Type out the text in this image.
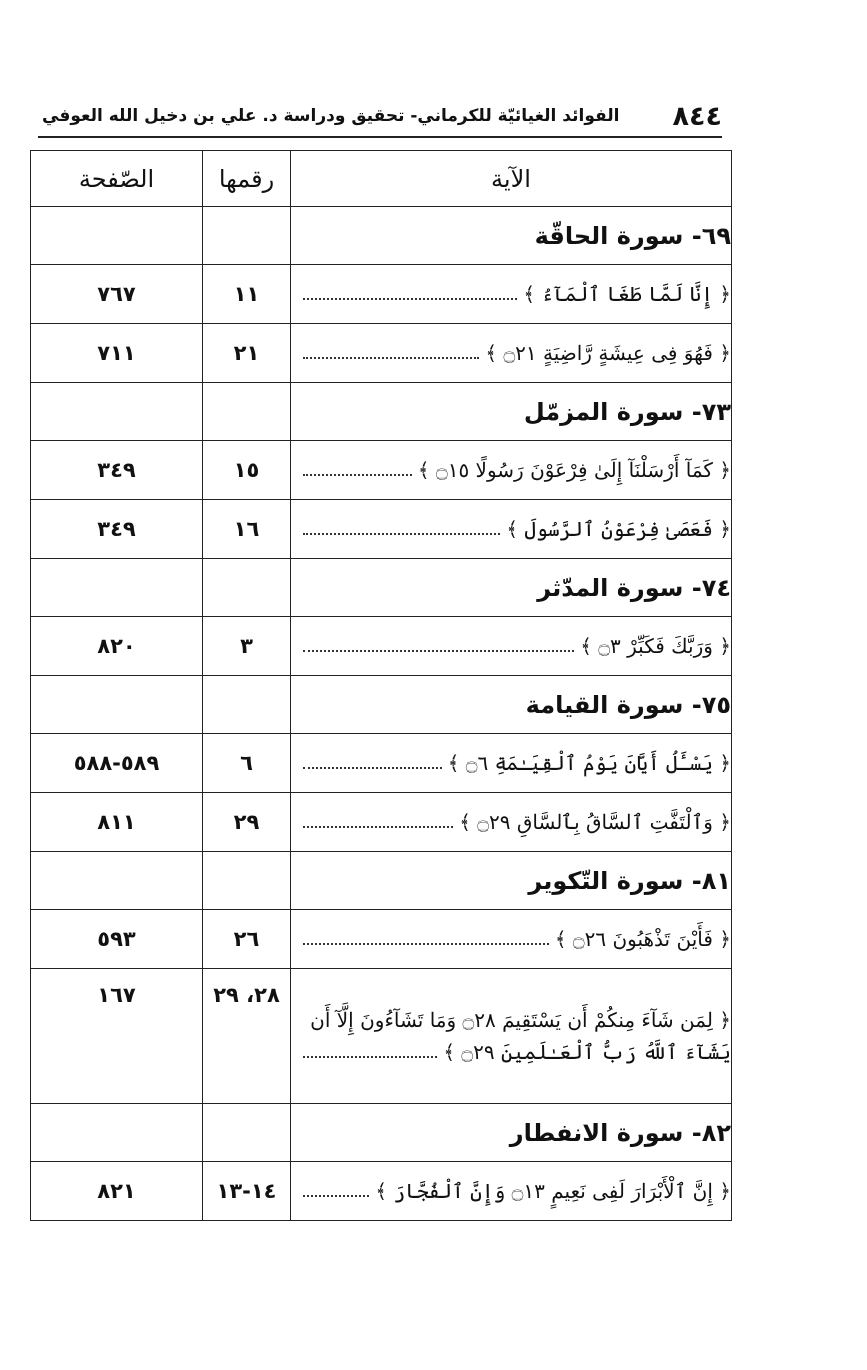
٨٤٤
الفوائد الغيائيّة للكرماني- تحقيق ودراسة د. علي بن دخيل الله العوفي
الآية	رقمها	الصّفحة
٦٩- سورة الحاقّة		

﴿ إِنَّا لَمَّا طَغَا ٱلْمَآءُ ﴾	١١	٧٦٧

﴿ فَهُوَ فِى عِيشَةٍ رَّاضِيَةٍ ۝٢١ ﴾	٢١	٧١١
٧٣- سورة المزمّل		

﴿ كَمَآ أَرْسَلْنَآ إِلَىٰ فِرْعَوْنَ رَسُولًا ۝١٥ ﴾	١٥	٣٤٩

﴿ فَعَصَىٰ فِرْعَوْنُ ٱلرَّسُولَ ﴾	١٦	٣٤٩
٧٤- سورة المدّثر		

﴿ وَرَبَّكَ فَكَبِّرْ ۝٣ ﴾	٣	٨٢٠
٧٥- سورة القيامة		

﴿ يَسْـَٔلُ أَيَّانَ يَوْمُ ٱلْقِيَـٰمَةِ ۝٦ ﴾	٦	٥٨٩-٥٨٨

﴿ وَٱلْتَفَّتِ ٱلسَّاقُ بِٱلسَّاقِ ۝٢٩ ﴾	٢٩	٨١١
٨١- سورة التّكوير		

﴿ فَأَيْنَ تَذْهَبُونَ ۝٢٦ ﴾	٢٦	٥٩٣

﴿ لِمَن شَآءَ مِنكُمْ أَن يَسْتَقِيمَ ۝٢٨ وَمَا تَشَآءُونَ إِلَّآ أَن
يَشَآءَ ٱللَّهُ رَبُّ ٱلْعَـٰلَمِينَ ۝٢٩ ﴾	٢٨، ٢٩	١٦٧
٨٢- سورة الانفطار		

﴿ إِنَّ ٱلْأَبْرَارَ لَفِى نَعِيمٍ ۝١٣ وَإِنَّ ٱلْفُجَّارَ ﴾	١٤-١٣	٨٢١
